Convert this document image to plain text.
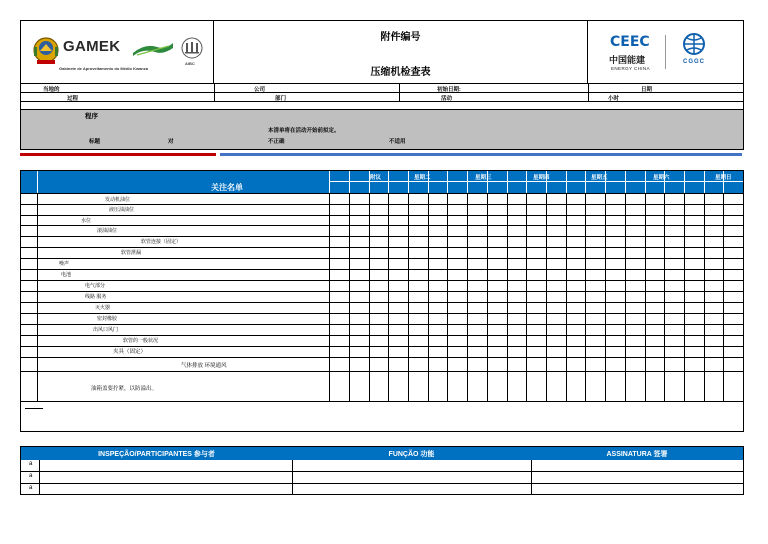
GAMEK
AIBC
Gabinete de Aproveitamento do Médio Kwanza
附件编号
压缩机检查表
CEEC
中国能建
ENERGY CHINA
CGGC
当地的	公司	初始日期:	日期
过程	部门	活动	小时
程序
本清单将在活动开始前拟定。
标题	对	不正确	不适用
关注名单
附议	星期二	星期三	星期四	星期五	星期六	星期日
发动机油位
液压油油位
水位
滚油油位
软管连接（固定）
软管泄漏
噪声
电池
电气部分
线路 服务
灭火器
密封橡胶
出风口风门
软管的一般状况
夹具（固定）
气体排放 环境通风
油箱盖要拧紧，以防溢出。
INSPEÇÃO/PARTICIPANTES 参与者	FUNÇÃO 功能	ASSINATURA 签署
a
a
a
